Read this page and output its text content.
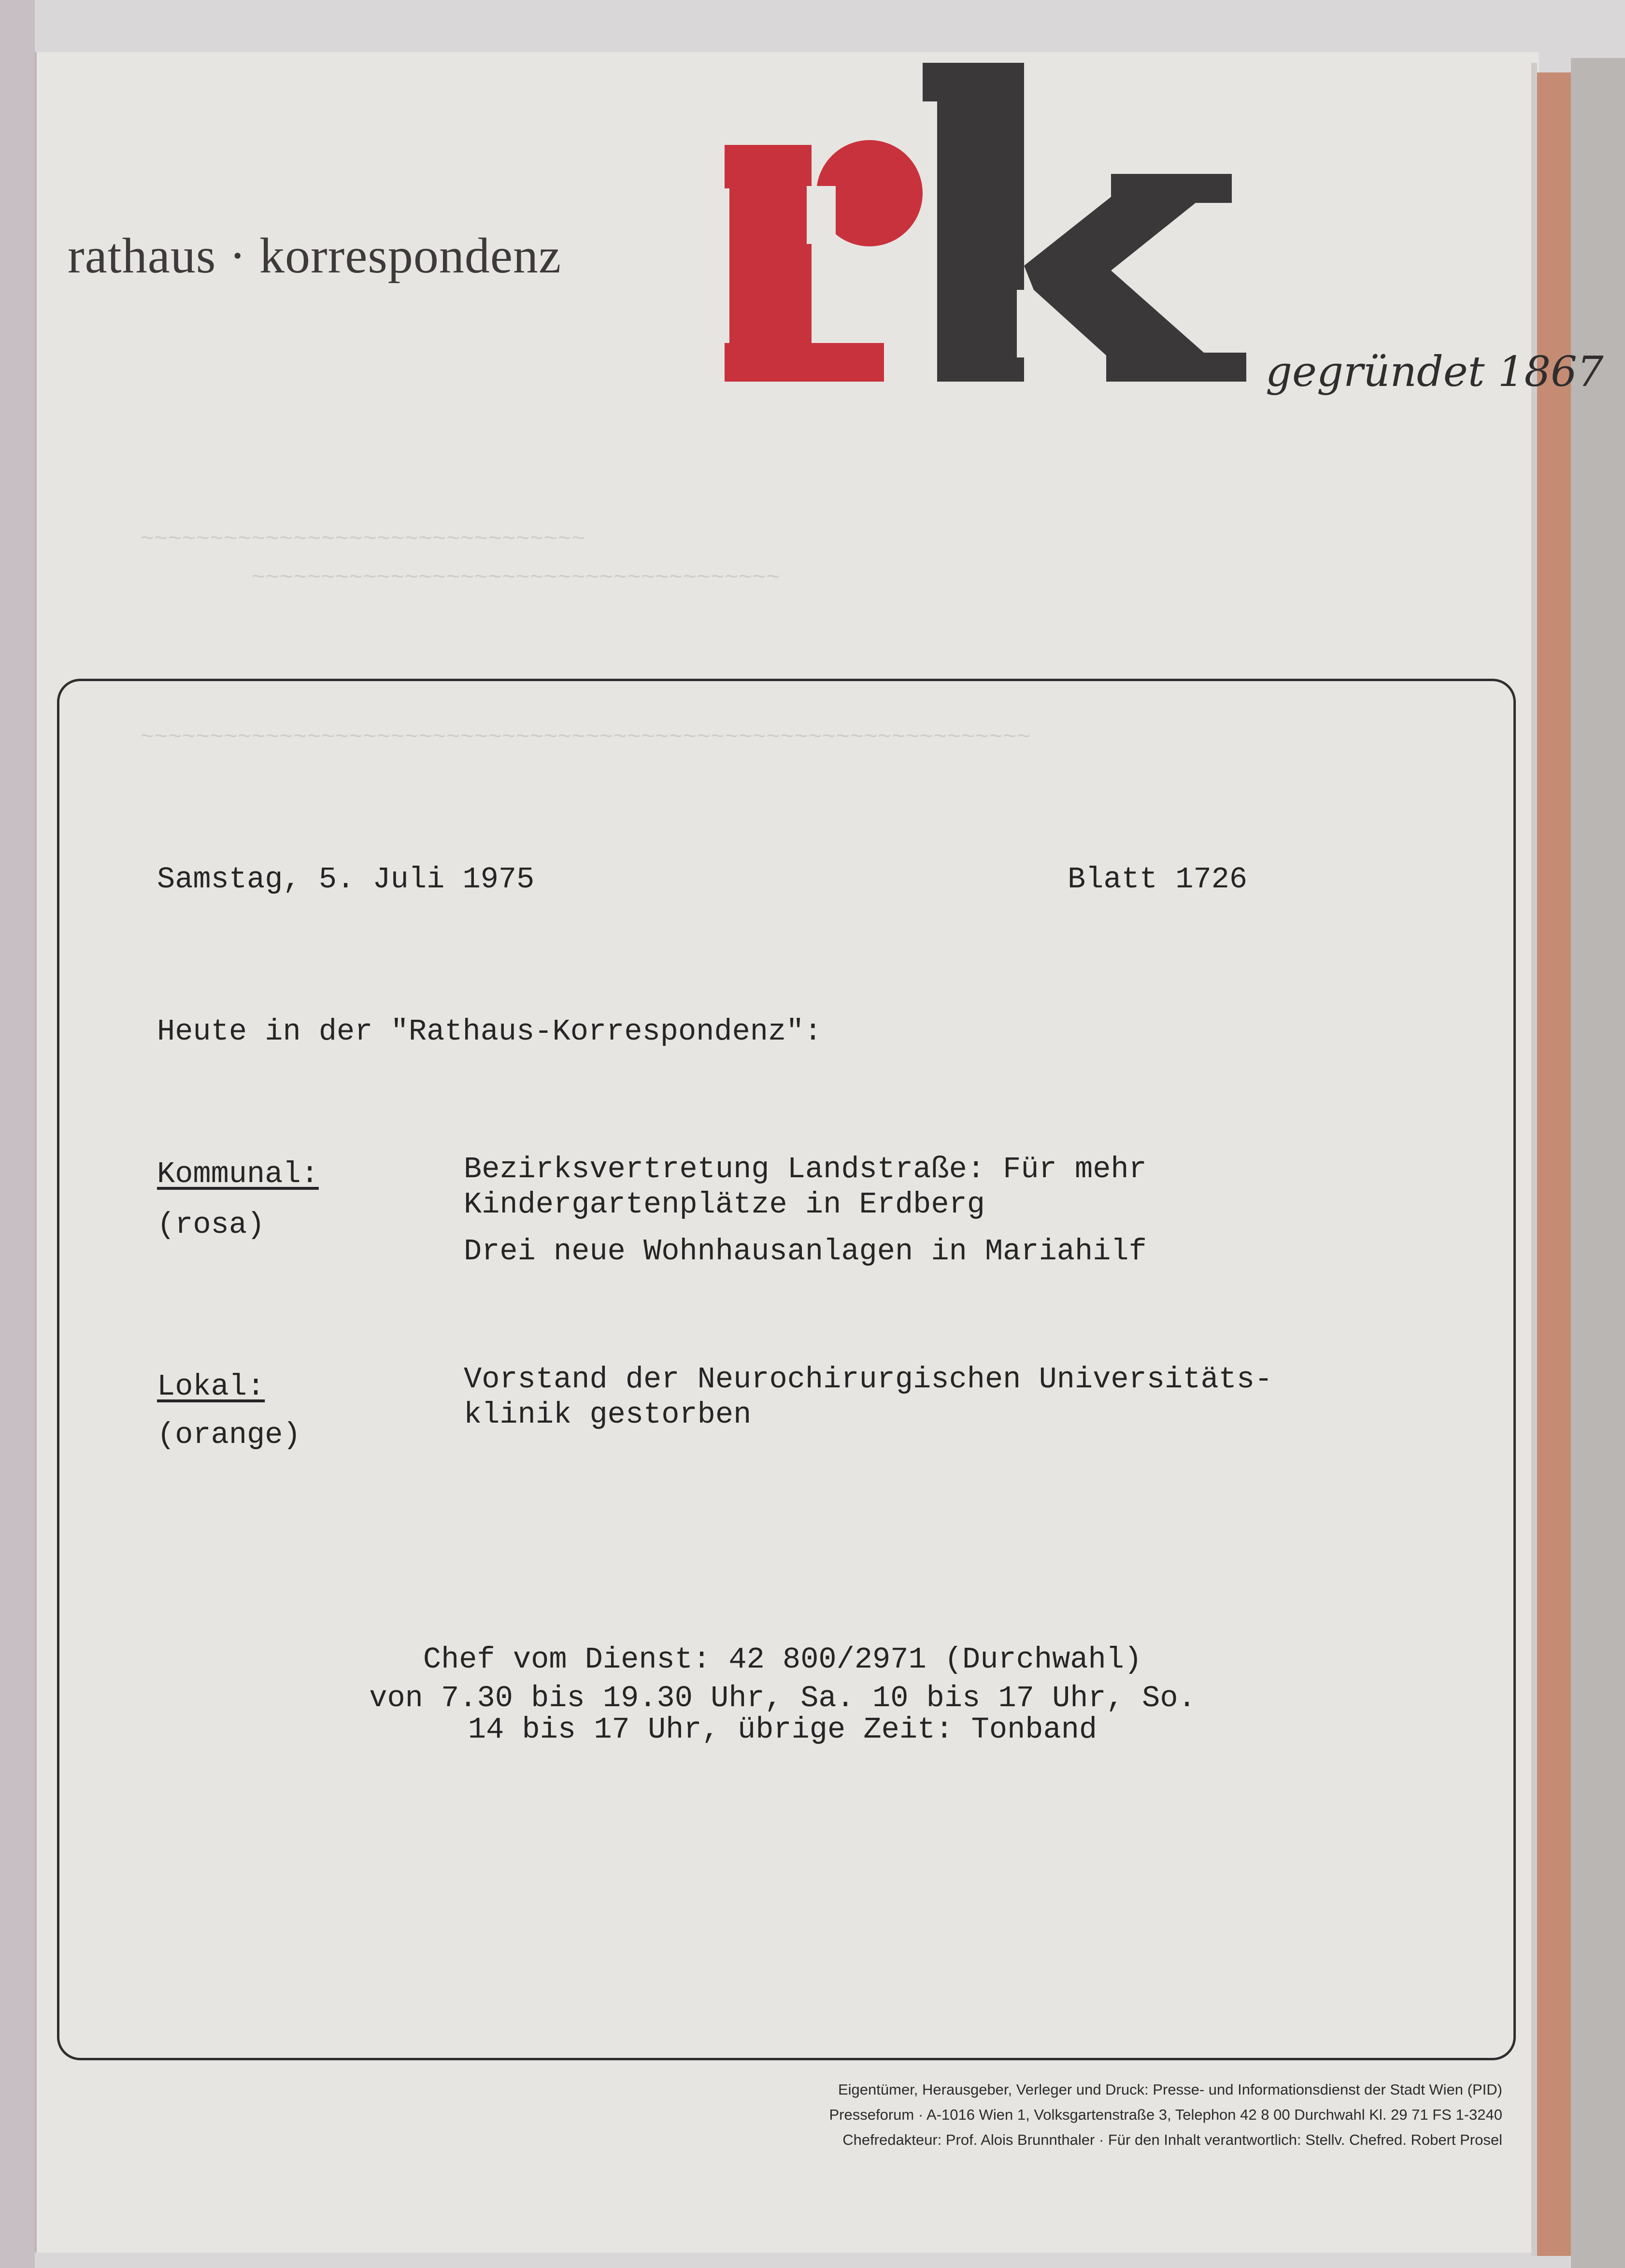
~~~~~~~~~~~~~~~~~~~~~~~~~~~~~~~~
~~~~~~~~~~~~~~~~~~~~~~~~~~~~~~~~~~~~~~
~~~~~~~~~~~~~~~~~~~~~~~~~~~~~~~~~~~~~~~~~~~~~~~~~~~~~~~~~~~~~~~~
rathaus · korrespondenz
gegründet 1867
Samstag, 5. Juli 1975	Blatt 1726
Heute in der "Rathaus-Korrespondenz":
Kommunal:
(rosa)
Bezirksvertretung Landstraße: Für mehr
Kindergartenplätze in Erdberg
Drei neue Wohnhausanlagen in Mariahilf
Lokal:
(orange)
Vorstand der Neurochirurgischen Universitäts-
klinik gestorben
Chef vom Dienst: 42 800/2971 (Durchwahl)
von 7.30 bis 19.30 Uhr, Sa. 10 bis 17 Uhr, So.
14 bis 17 Uhr, übrige Zeit: Tonband
Eigentümer, Herausgeber, Verleger und Druck: Presse- und Informationsdienst der Stadt Wien (PID)
Presseforum · A-1016 Wien 1, Volksgartenstraße 3, Telephon 42 8 00 Durchwahl Kl. 29 71 FS 1-3240
Chefredakteur: Prof. Alois Brunnthaler · Für den Inhalt verantwortlich: Stellv. Chefred. Robert Prosel
